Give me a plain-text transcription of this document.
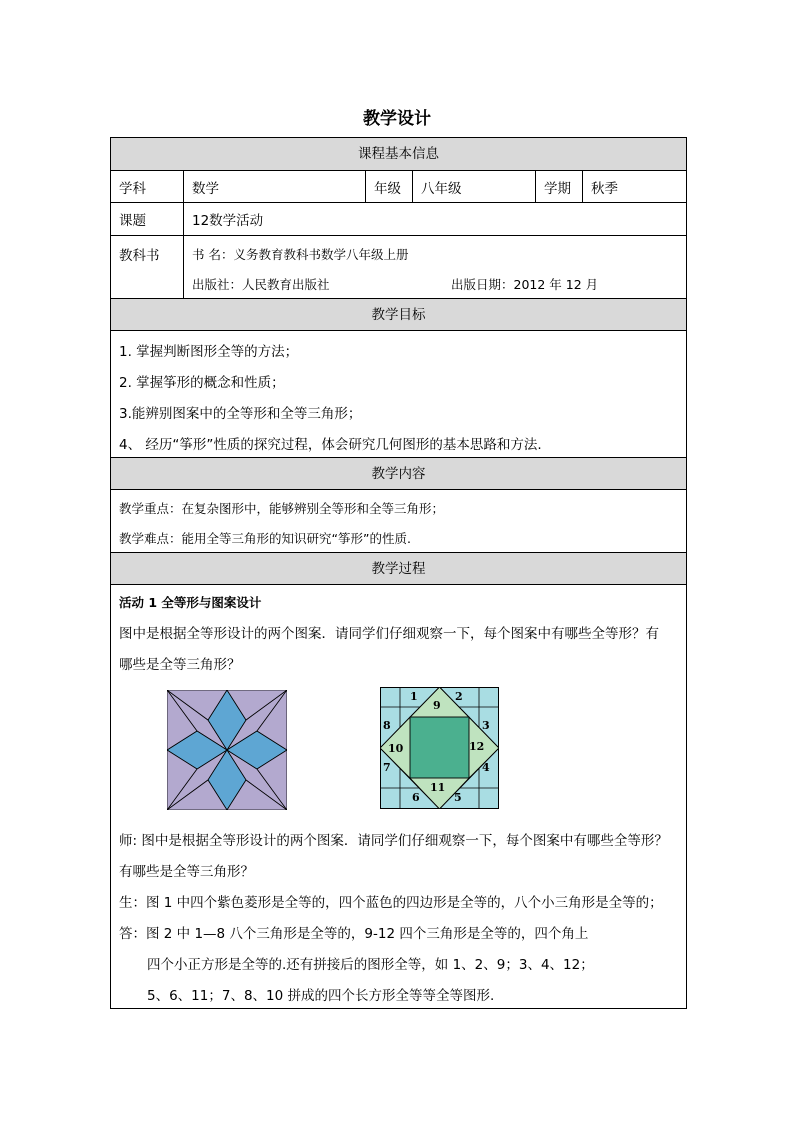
教学设计
课程基本信息
学科	数学	年级	八年级	学期	秋季
课题	12数学活动
教科书	书 名：义务教育教科书数学八年级上册
出版社：人民教育出版社	出版日期：2012 年 12 月
教学目标
1. 掌握判断图形全等的方法；
2. 掌握筝形的概念和性质；
3.能辨别图案中的全等形和全等三角形；
4、 经历“筝形”性质的探究过程，体会研究几何图形的基本思路和方法.
教学内容
教学重点：在复杂图形中，能够辨别全等形和全等三角形；
教学难点：能用全等三角形的知识研究“筝形”的性质.
教学过程
活动 1 全等形与图案设计
图中是根据全等形设计的两个图案．请同学们仔细观察一下，每个图案中有哪些全等形？有
哪些是全等三角形？
1	2
3
4
5
6
7
8
9
10
11
12
师: 图中是根据全等形设计的两个图案．请同学们仔细观察一下，每个图案中有哪些全等形？
有哪些是全等三角形？
生：图 1 中四个紫色菱形是全等的，四个蓝色的四边形是全等的，八个小三角形是全等的；
答：图 2 中 1—8 八个三角形是全等的，9-12 四个三角形是全等的，四个角上
四个小正方形是全等的.还有拼接后的图形全等，如 1、2、9；3、4、12；
5、6、11；7、8、10 拼成的四个长方形全等等全等图形.
